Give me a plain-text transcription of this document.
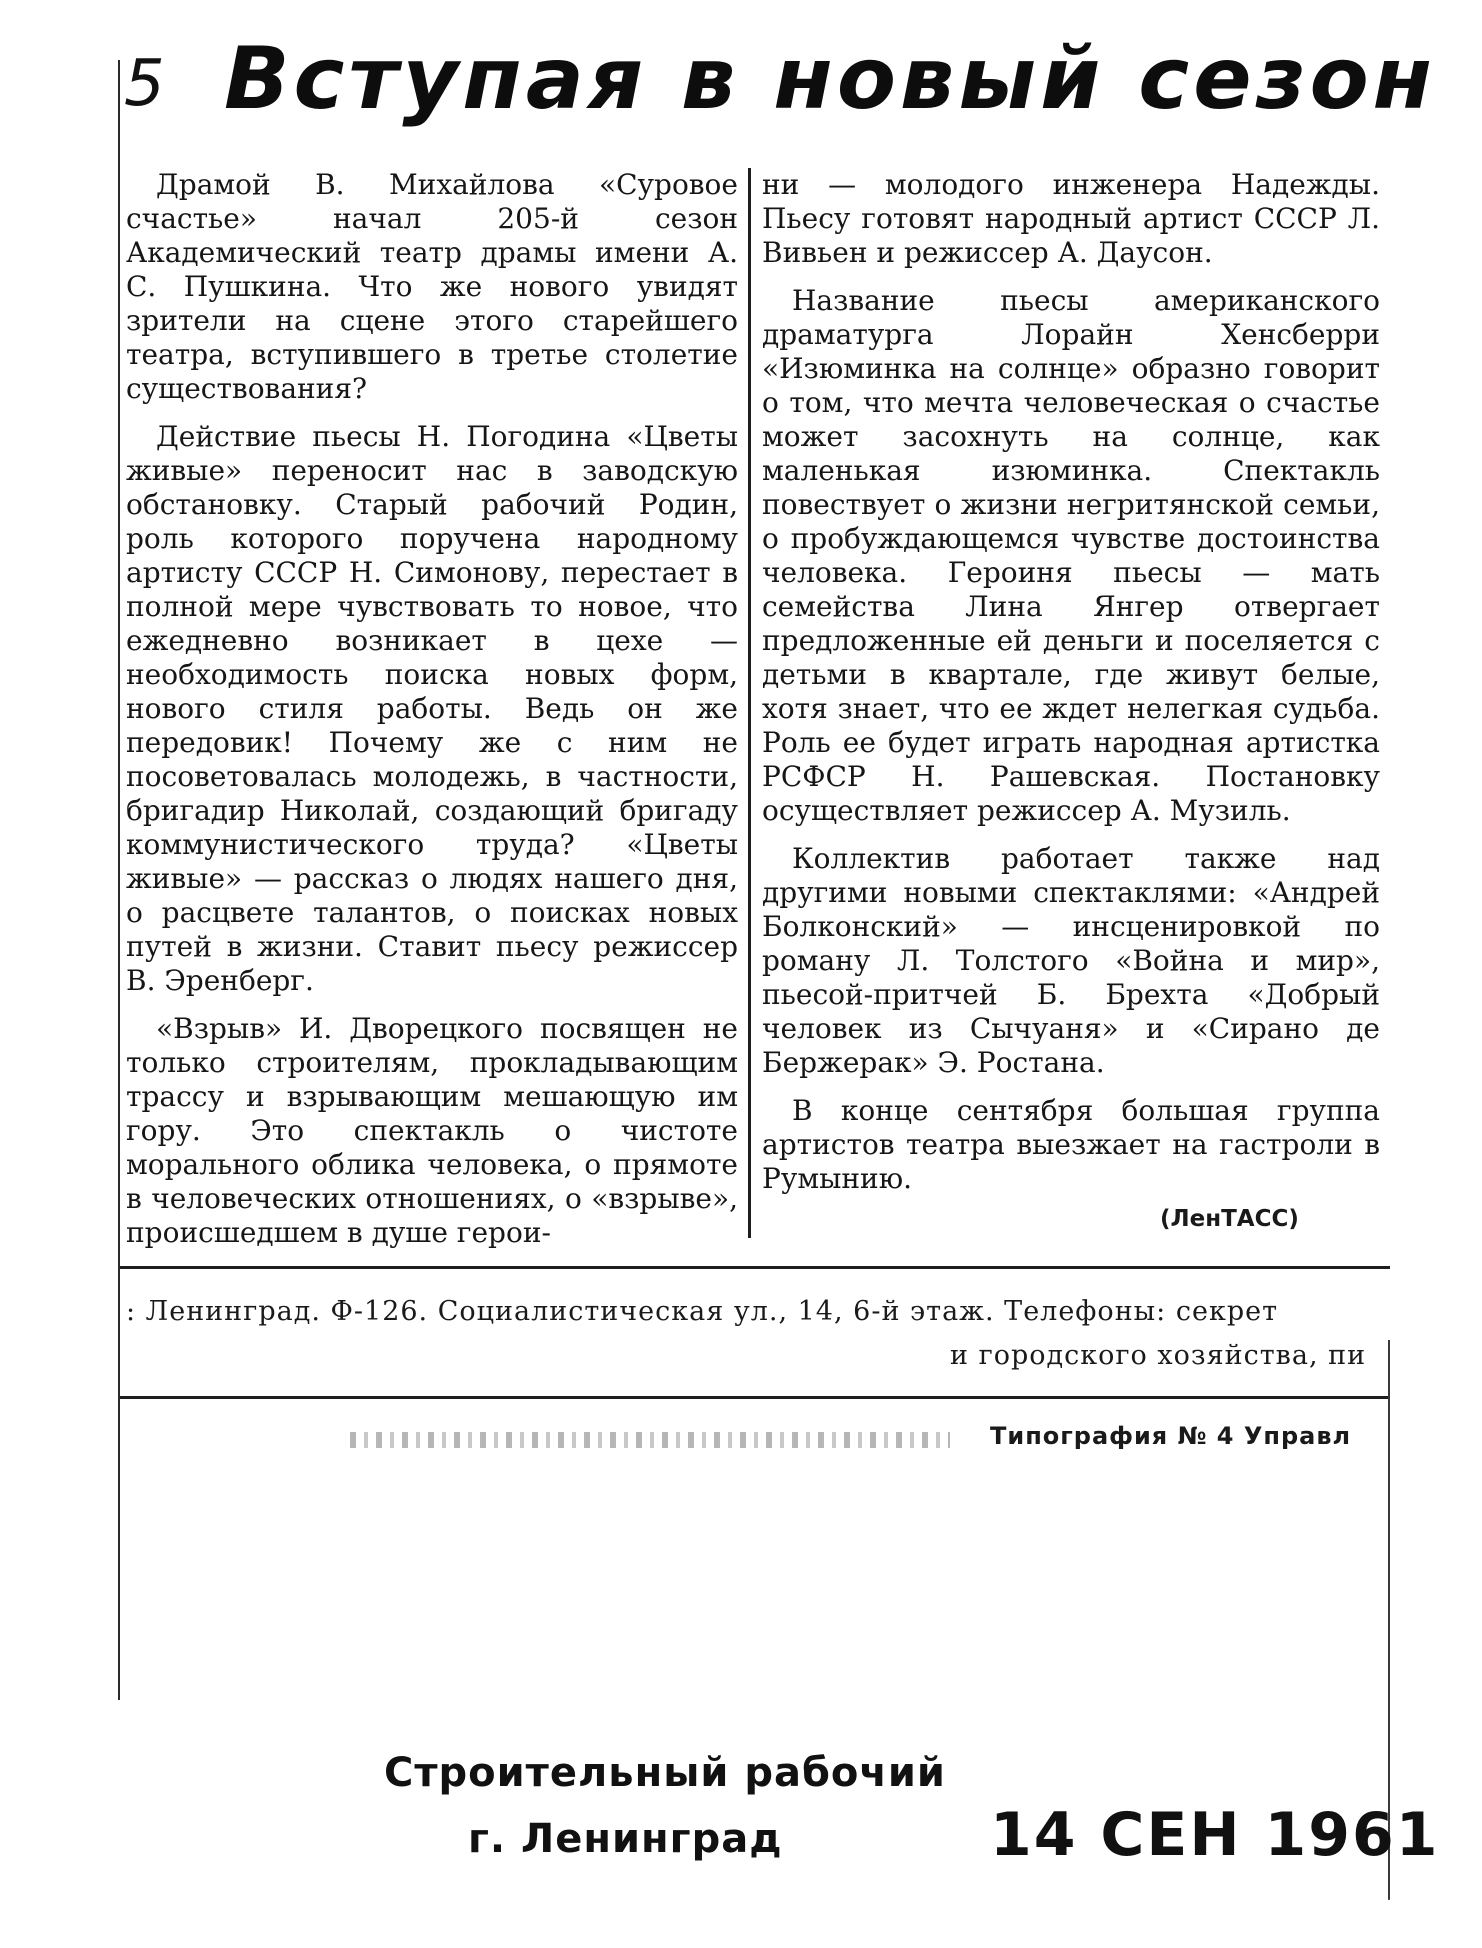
5 Вступая в новый сезон

Драмой В. Михайлова «Суровое счастье» начал 205-й сезон Академический театр драмы имени А. С. Пушкина. Что же нового увидят зрители на сцене этого старейшего театра, вступившего в третье столетие существования?

Действие пьесы Н. Погодина «Цветы живые» переносит нас в заводскую обстановку. Старый рабочий Родин, роль которого поручена народному артисту СССР Н. Симонову, перестает в полной мере чувствовать то новое, что ежедневно возникает в цехе — необходимость поиска новых форм, нового стиля работы. Ведь он же передовик! Почему же с ним не посоветовалась молодежь, в частности, бригадир Николай, создающий бригаду коммунистического труда? «Цветы живые» — рассказ о людях нашего дня, о расцвете талантов, о поисках новых путей в жизни. Ставит пьесу режиссер В. Эренберг.

«Взрыв» И. Дворецкого посвящен не только строителям, прокладывающим трассу и взрывающим мешающую им гору. Это спектакль о чистоте морального облика человека, о прямоте в человеческих отношениях, о «взрыве», происшедшем в душе герои-

ни — молодого инженера Надежды. Пьесу готовят народный артист СССР Л. Вивьен и режиссер А. Даусон.

Название пьесы американского драматурга Лорайн Хенсберри «Изюминка на солнце» образно говорит о том, что мечта человеческая о счастье может засохнуть на солнце, как маленькая изюминка. Спектакль повествует о жизни негритянской семьи, о пробуждающемся чувстве достоинства человека. Героиня пьесы — мать семейства Лина Янгер отвергает предложенные ей деньги и поселяется с детьми в квартале, где живут белые, хотя знает, что ее ждет нелегкая судьба. Роль ее будет играть народная артистка РСФСР Н. Рашевская. Постановку осуществляет режиссер А. Музиль.

Коллектив работает также над другими новыми спектаклями: «Андрей Болконский» — инсценировкой по роману Л. Толстого «Война и мир», пьесой-притчей Б. Брехта «Добрый человек из Сычуаня» и «Сирано де Бержерак» Э. Ростана.

В конце сентября большая группа артистов театра выезжает на гастроли в Румынию.

(ЛенТАСС)
: Ленинград. Ф-126. Социалистическая ул., 14, 6-й этаж. Телефоны: секрет
и городского хозяйства, пи
Типография № 4 Управл
Строительный рабочий
г. Ленинград	14 СЕН 1961
